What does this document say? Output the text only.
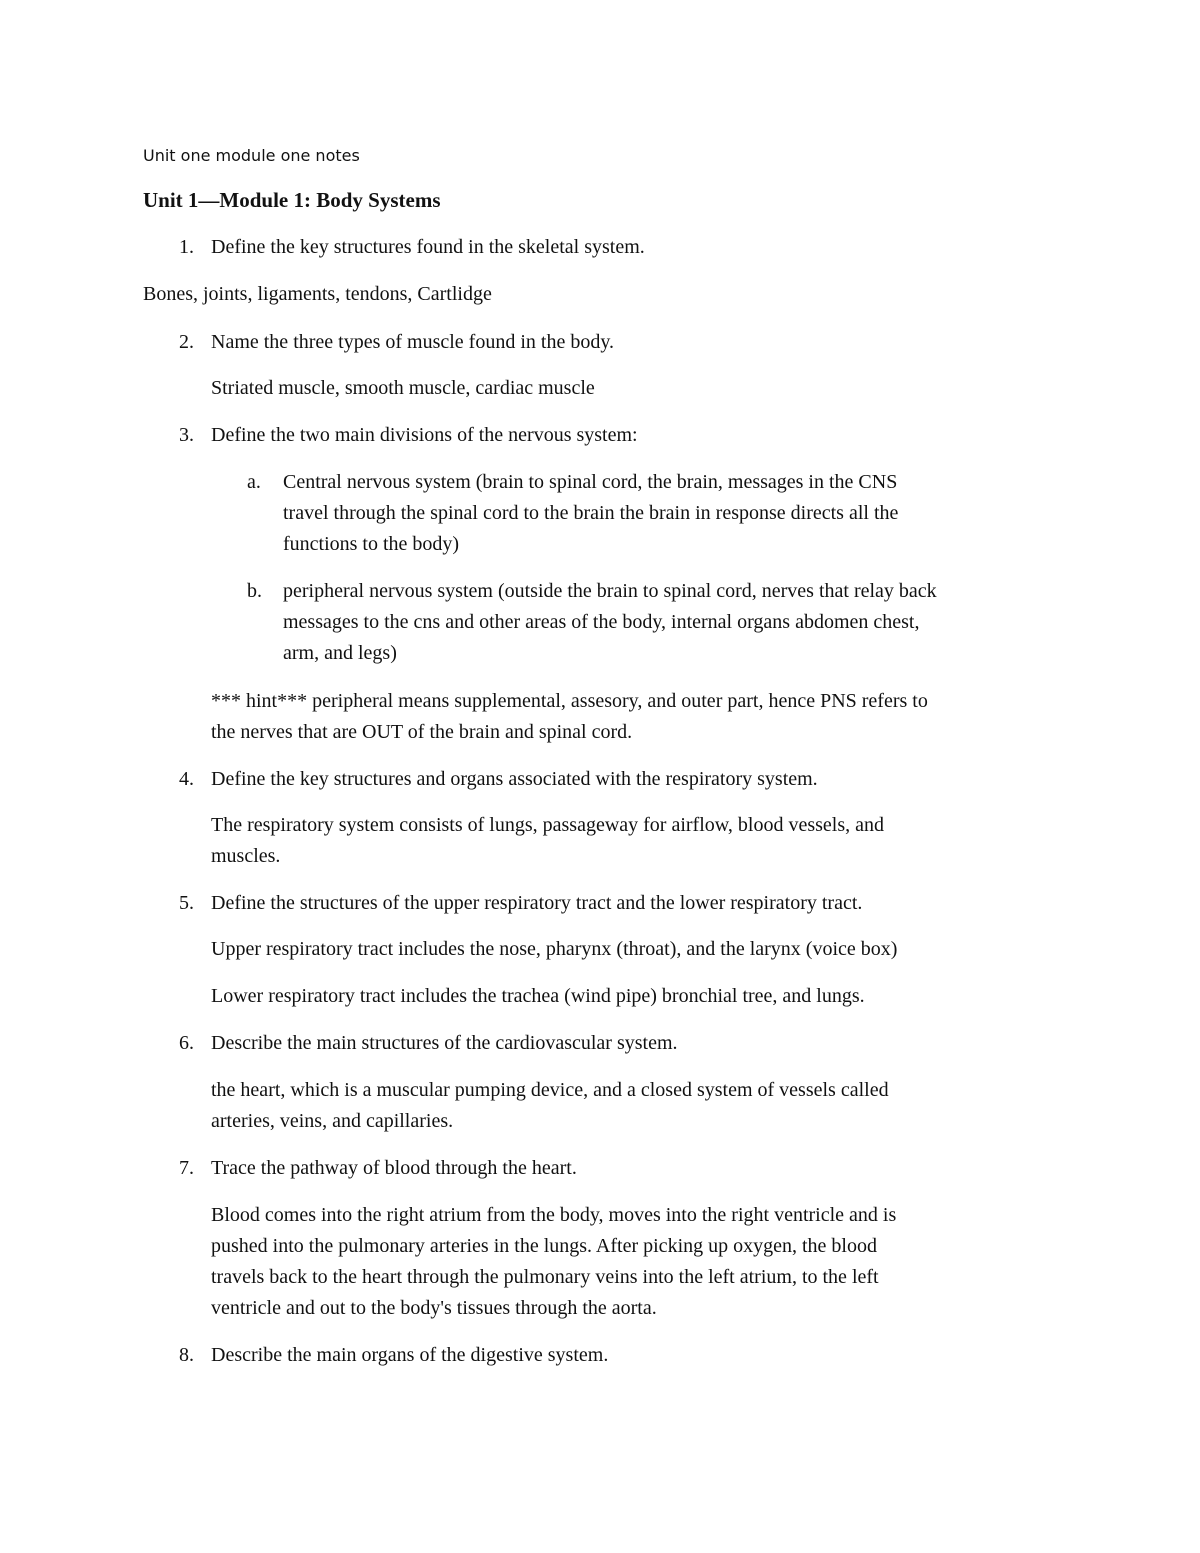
Unit one module one notes

Unit 1—Module 1: Body Systems

1. Define the key structures found in the skeletal system.

Bones, joints, ligaments, tendons, Cartlidge

2. Name the three types of muscle found in the body.

Striated muscle, smooth muscle, cardiac muscle

3. Define the two main divisions of the nervous system:

a. Central nervous system (brain to spinal cord, the brain, messages in the CNS

travel through the spinal cord to the brain the brain in response directs all the

functions to the body)

b. peripheral nervous system (outside the brain to spinal cord, nerves that relay back

messages to the cns and other areas of the body, internal organs abdomen chest,

arm, and legs)

*** hint*** peripheral means supplemental, assesory, and outer part, hence PNS refers to

the nerves that are OUT of the brain and spinal cord.

4. Define the key structures and organs associated with the respiratory system.

The respiratory system consists of lungs, passageway for airflow, blood vessels, and

muscles.

5. Define the structures of the upper respiratory tract and the lower respiratory tract.

Upper respiratory tract includes the nose, pharynx (throat), and the larynx (voice box)

Lower respiratory tract includes the trachea (wind pipe) bronchial tree, and lungs.

6. Describe the main structures of the cardiovascular system.

the heart, which is a muscular pumping device, and a closed system of vessels called

arteries, veins, and capillaries.

7. Trace the pathway of blood through the heart.

Blood comes into the right atrium from the body, moves into the right ventricle and is

pushed into the pulmonary arteries in the lungs. After picking up oxygen, the blood

travels back to the heart through the pulmonary veins into the left atrium, to the left

ventricle and out to the body's tissues through the aorta.

8. Describe the main organs of the digestive system.
